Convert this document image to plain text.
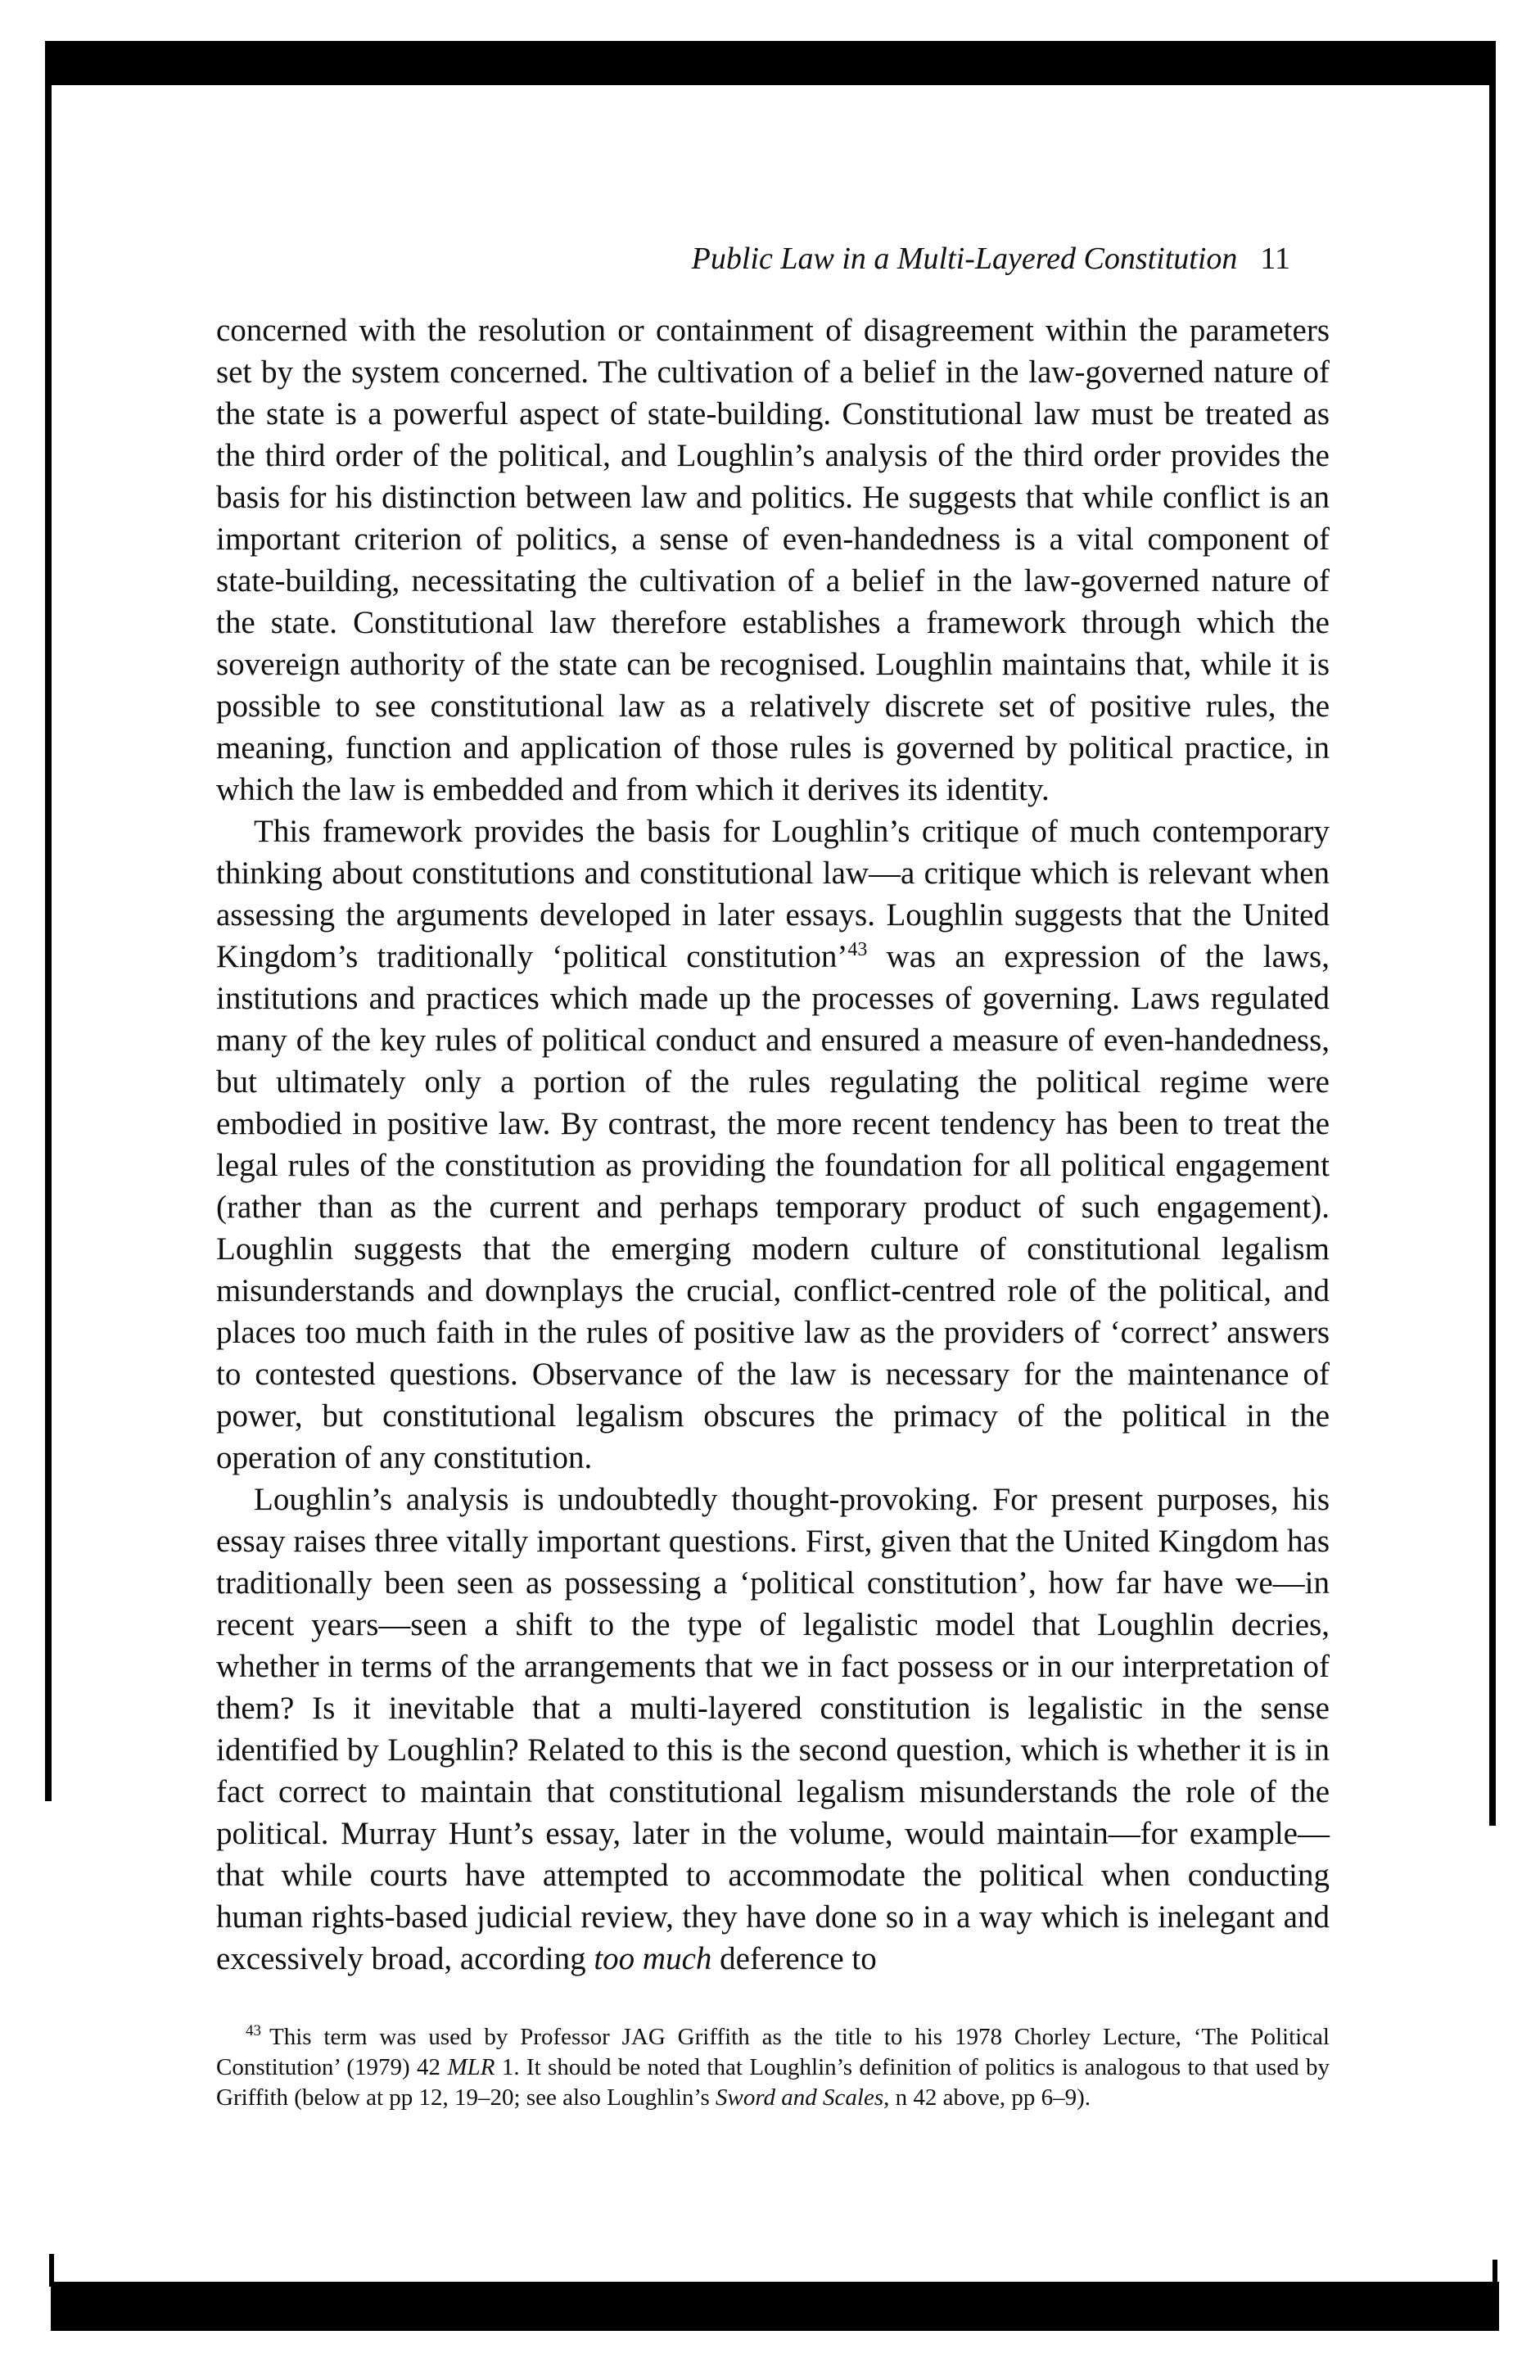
Public Law in a Multi-Layered Constitution 11

concerned with the resolution or containment of disagreement within the parameters set by the system concerned. The cultivation of a belief in the law-governed nature of the state is a powerful aspect of state-building. Constitutional law must be treated as the third order of the political, and Loughlin’s analysis of the third order provides the basis for his distinction between law and politics. He suggests that while conflict is an important criterion of politics, a sense of even-handedness is a vital component of state-building, necessitating the cultivation of a belief in the law-governed nature of the state. Constitutional law therefore establishes a framework through which the sovereign authority of the state can be recognised. Loughlin maintains that, while it is possible to see constitutional law as a relatively discrete set of positive rules, the meaning, function and application of those rules is governed by political practice, in which the law is embedded and from which it derives its identity.

This framework provides the basis for Loughlin’s critique of much contemporary thinking about constitutions and constitutional law—a critique which is relevant when assessing the arguments developed in later essays. Loughlin suggests that the United Kingdom’s traditionally ‘political constitution’$^{43}$ was an expression of the laws, institutions and practices which made up the processes of governing. Laws regulated many of the key rules of political conduct and ensured a measure of even-handedness, but ultimately only a portion of the rules regulating the political regime were embodied in positive law. By contrast, the more recent tendency has been to treat the legal rules of the constitution as providing the foundation for all political engagement (rather than as the current and perhaps temporary product of such engagement). Loughlin suggests that the emerging modern culture of constitutional legalism misunderstands and downplays the crucial, conflict-centred role of the political, and places too much faith in the rules of positive law as the providers of ‘correct’ answers to contested questions. Observance of the law is necessary for the maintenance of power, but constitutional legalism obscures the primacy of the political in the operation of any constitution.

Loughlin’s analysis is undoubtedly thought-provoking. For present purposes, his essay raises three vitally important questions. First, given that the United Kingdom has traditionally been seen as possessing a ‘political constitution’, how far have we—in recent years—seen a shift to the type of legalistic model that Loughlin decries, whether in terms of the arrangements that we in fact possess or in our interpretation of them? Is it inevitable that a multi-layered constitution is legalistic in the sense identified by Loughlin? Related to this is the second question, which is whether it is in fact correct to maintain that constitutional legalism misunderstands the role of the political. Murray Hunt’s essay, later in the volume, would maintain—for example—that while courts have attempted to accommodate the political when conducting human rights-based judicial review, they have done so in a way which is inelegant and excessively broad, according too much deference to

$^{43}$ This term was used by Professor JAG Griffith as the title to his 1978 Chorley Lecture, ‘The Political Constitution’ (1979) 42 MLR 1. It should be noted that Loughlin’s definition of politics is analogous to that used by Griffith (below at pp 12, 19–20; see also Loughlin’s Sword and Scales, n 42 above, pp 6–9).
